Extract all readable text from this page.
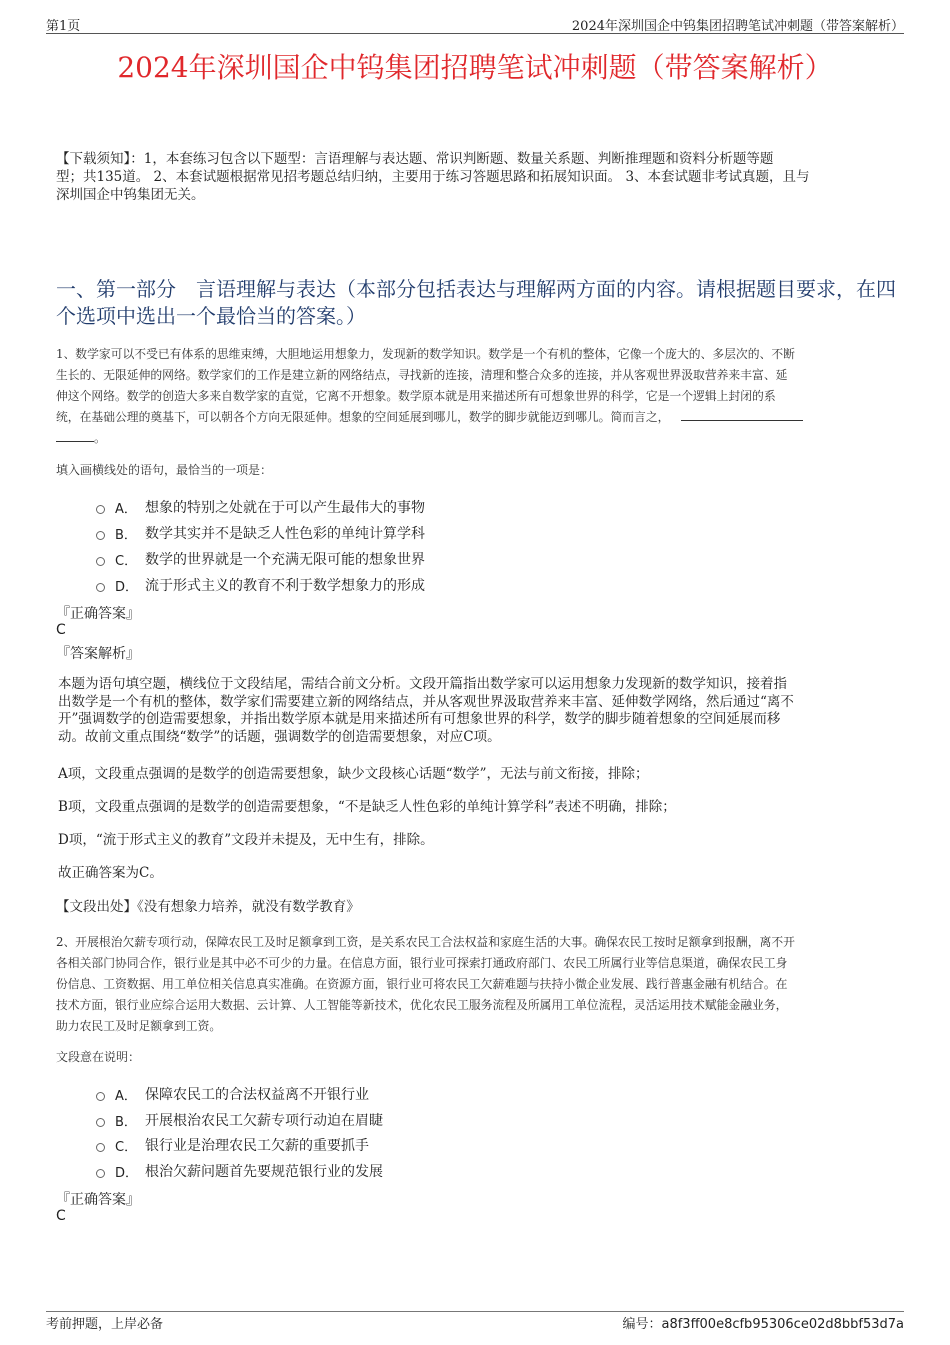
第1页	2024年深圳国企中钨集团招聘笔试冲刺题（带答案解析）
2024年深圳国企中钨集团招聘笔试冲刺题（带答案解析）
【下载须知】：1，本套练习包含以下题型：言语理解与表达题、常识判断题、数量关系题、判断推理题和资料分析题等题
型；共135道。 2、本套试题根据常见招考题总结归纳，主要用于练习答题思路和拓展知识面。 3、本套试题非考试真题，且与
深圳国企中钨集团无关。
一、第一部分　言语理解与表达（本部分包括表达与理解两方面的内容。请根据题目要求，在四个选项中选出一个最恰当的答案。）
1、数学家可以不受已有体系的思维束缚，大胆地运用想象力，发现新的数学知识。数学是一个有机的整体，它像一个庞大的、多层次的、不断
生长的、无限延伸的网络。数学家们的工作是建立新的网络结点，寻找新的连接，清理和整合众多的连接，并从客观世界汲取营养来丰富、延
伸这个网络。数学的创造大多来自数学家的直觉，它离不开想象。数学原本就是用来描述所有可想象世界的科学，它是一个逻辑上封闭的系
统，在基础公理的奠基下，可以朝各个方向无限延伸。想象的空间延展到哪儿，数学的脚步就能迈到哪儿。简而言之，
。
填入画横线处的语句，最恰当的一项是：
A． 想象的特别之处就在于可以产生最伟大的事物
B． 数学其实并不是缺乏人性色彩的单纯计算学科
C． 数学的世界就是一个充满无限可能的想象世界
D． 流于形式主义的教育不利于数学想象力的形成
『正确答案』
C
『答案解析』
本题为语句填空题，横线位于文段结尾，需结合前文分析。文段开篇指出数学家可以运用想象力发现新的数学知识，接着指
出数学是一个有机的整体，数学家们需要建立新的网络结点，并从客观世界汲取营养来丰富、延伸数学网络，然后通过“离不
开”强调数学的创造需要想象，并指出数学原本就是用来描述所有可想象世界的科学，数学的脚步随着想象的空间延展而移
动。故前文重点围绕“数学”的话题，强调数学的创造需要想象，对应C项。
A项，文段重点强调的是数学的创造需要想象，缺少文段核心话题“数学”，无法与前文衔接，排除；
B项，文段重点强调的是数学的创造需要想象，“不是缺乏人性色彩的单纯计算学科”表述不明确，排除；
D项，“流于形式主义的教育”文段并未提及，无中生有，排除。
故正确答案为C。
【文段出处】《没有想象力培养，就没有数学教育》
2、开展根治欠薪专项行动，保障农民工及时足额拿到工资，是关系农民工合法权益和家庭生活的大事。确保农民工按时足额拿到报酬，离不开
各相关部门协同合作，银行业是其中必不可少的力量。在信息方面，银行业可探索打通政府部门、农民工所属行业等信息渠道，确保农民工身
份信息、工资数据、用工单位相关信息真实准确。在资源方面，银行业可将农民工欠薪难题与扶持小微企业发展、践行普惠金融有机结合。在
技术方面，银行业应综合运用大数据、云计算、人工智能等新技术，优化农民工服务流程及所属用工单位流程，灵活运用技术赋能金融业务，
助力农民工及时足额拿到工资。
文段意在说明：
A． 保障农民工的合法权益离不开银行业
B． 开展根治农民工欠薪专项行动迫在眉睫
C． 银行业是治理农民工欠薪的重要抓手
D． 根治欠薪问题首先要规范银行业的发展
『正确答案』
C
考前押题，上岸必备	编号：a8f3ff00e8cfb95306ce02d8bbf53d7a
